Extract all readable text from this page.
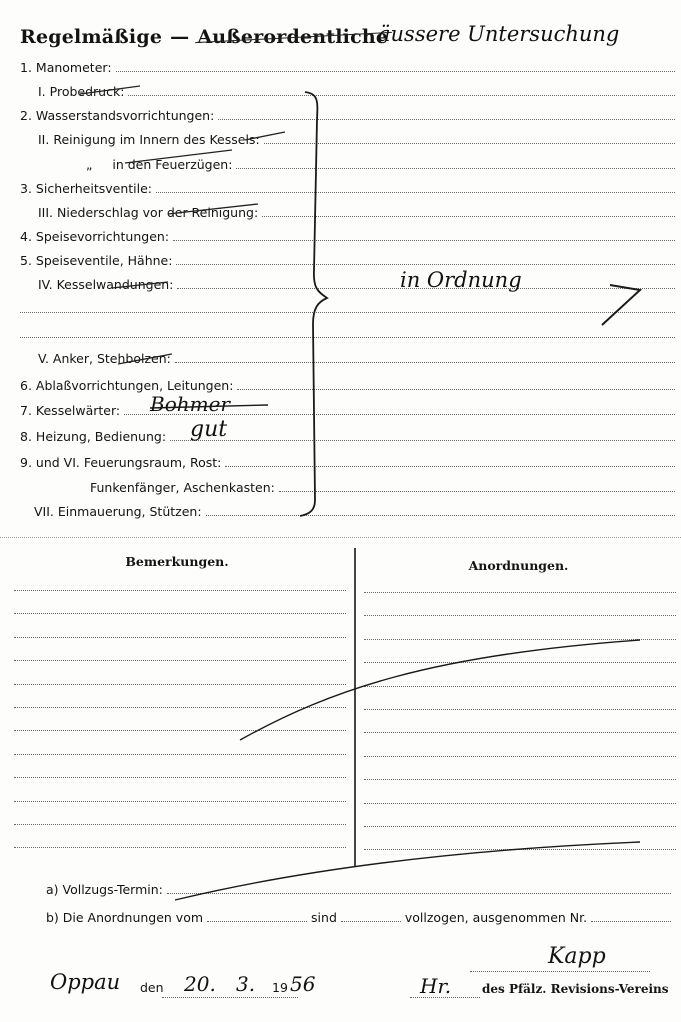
Regelmäßige — Außerordentliche
äussere Untersuchung
1.
Manometer:
I.
Probedruck:
2.
Wasserstandsvorrichtungen:
II.
Reinigung im Innern des Kessels:
„
in den Feuerzügen:
3.
Sicherheitsventile:
III.
Niederschlag vor der Reinigung:
4.
Speisevorrichtungen:
5.
Speiseventile, Hähne:
IV.
Kesselwandungen:
V.
Anker, Stehbolzen:
6.
Ablaßvorrichtungen, Leitungen:
7.
Kesselwärter:
8.
Heizung, Bedienung:
9. und VI.
Feuerungsraum, Rost:
Funkenfänger, Aschenkasten:
VII.
Einmauerung, Stützen:
in Ordnung
Bohmer
gut
Bemerkungen.	Anordnungen.
a) Vollzugs-Termin:
b) Die Anordnungen vom	sind	vollzogen, ausgenommen Nr.
Oppau den 20. 3. 19 56	Hr.	des Pfälz. Revisions-Vereins
Kapp
